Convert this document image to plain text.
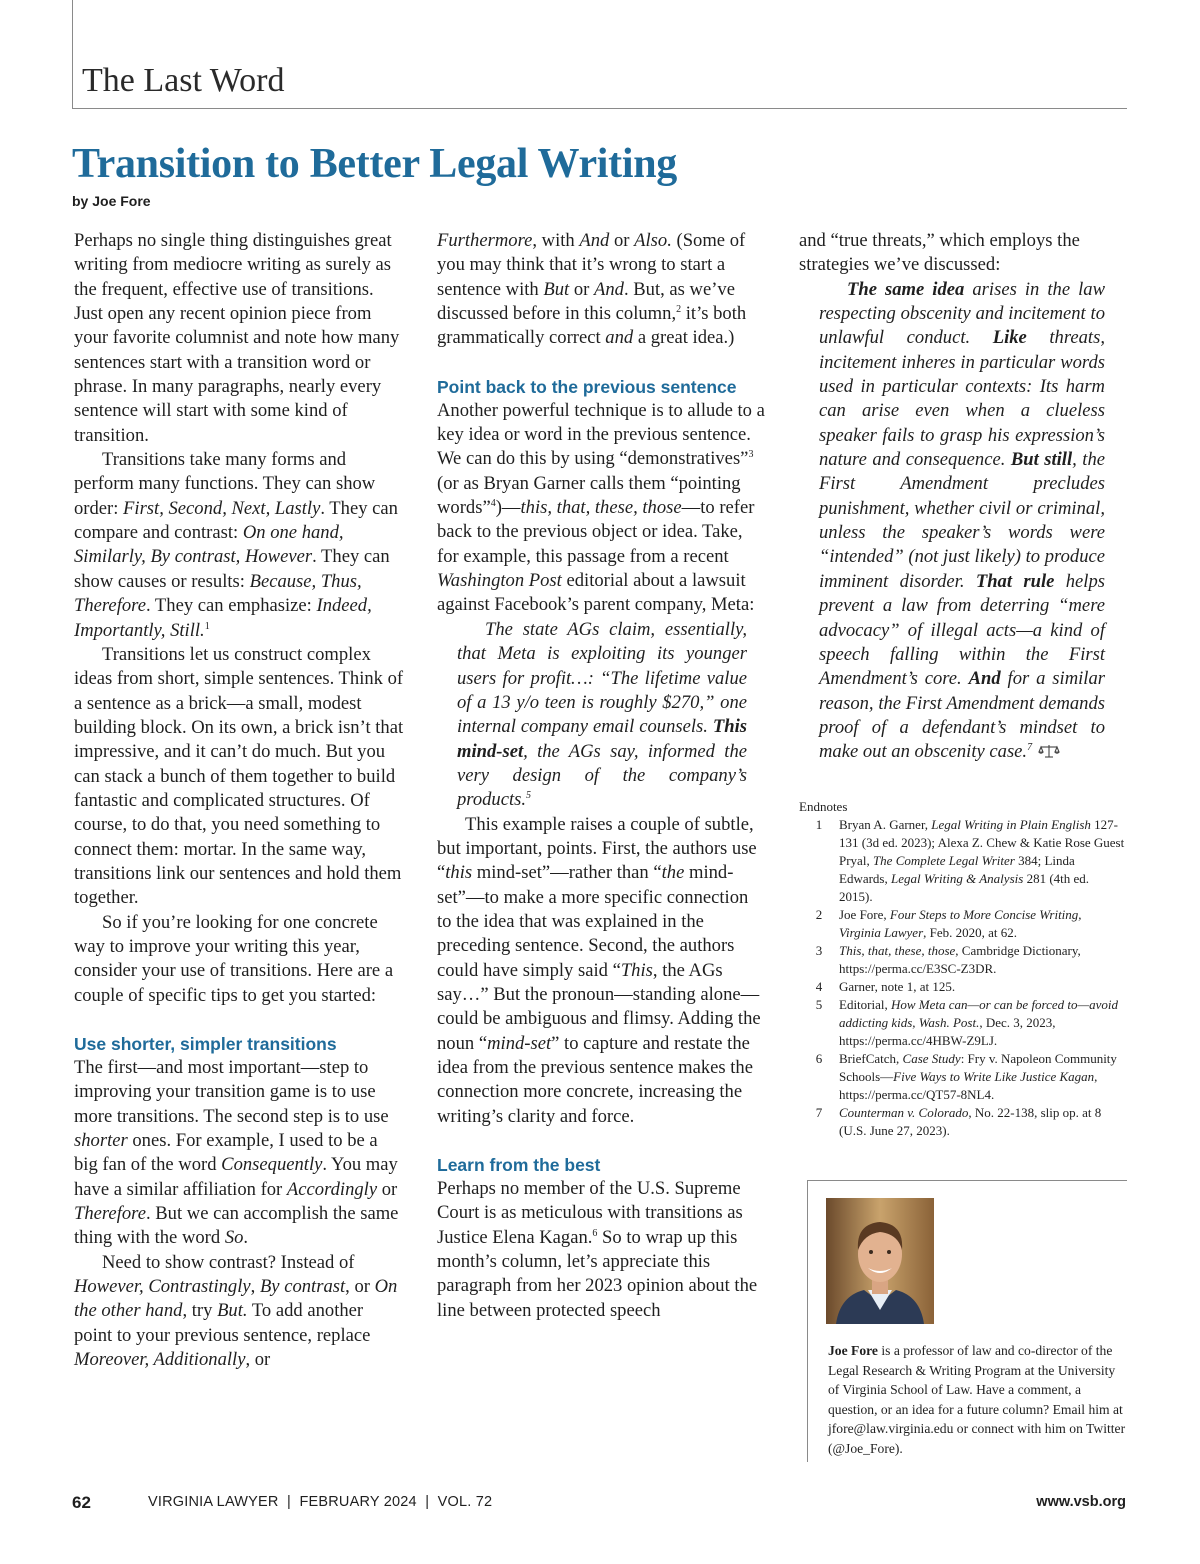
The Last Word
Transition to Better Legal Writing
by Joe Fore

Perhaps no single thing distinguishes great writing from mediocre writing as surely as the frequent, effective use of transitions. Just open any recent opinion piece from your favorite columnist and note how many sentences start with a transition word or phrase. In many paragraphs, nearly every sentence will start with some kind of transition.

Transitions take many forms and perform many functions. They can show order: First, Second, Next, Lastly. They can compare and contrast: On one hand, Similarly, By contrast, However. They can show causes or results: Because, Thus, Therefore. They can emphasize: Indeed, Importantly, Still.$^1$

Transitions let us construct complex ideas from short, simple sentences. Think of a sentence as a brick—a small, modest building block. On its own, a brick isn’t that impressive, and it can’t do much. But you can stack a bunch of them together to build fantastic and complicated structures. Of course, to do that, you need something to connect them: mortar. In the same way, transitions link our sentences and hold them together.

So if you’re looking for one concrete way to improve your writing this year, consider your use of transitions. Here are a couple of specific tips to get you started:

Use shorter, simpler transitions

The first—and most important—step to improving your transition game is to use more transitions. The second step is to use shorter ones. For example, I used to be a big fan of the word Consequently. You may have a similar affiliation for Accordingly or Therefore. But we can accomplish the same thing with the word So.

Need to show contrast? Instead of However, Contrastingly, By contrast, or On the other hand, try But. To add another point to your previous sentence, replace Moreover, Additionally, or

Furthermore, with And or Also. (Some of you may think that it’s wrong to start a sentence with But or And. But, as we’ve discussed before in this column,$^2$ it’s both grammatically correct and a great idea.)

Point back to the previous sentence

Another powerful technique is to allude to a key idea or word in the previous sentence. We can do this by using “demonstratives”$^3$ (or as Bryan Garner calls them “pointing words”$^4$)—this, that, these, those—to refer back to the previous object or idea. Take, for example, this passage from a recent Washington Post editorial about a lawsuit against Facebook’s parent company, Meta:

The state AGs claim, essentially, that Meta is exploiting its younger users for profit…: “The lifetime value of a 13 y/o teen is roughly $270,” one internal company email counsels. This mind-set, the AGs say, informed the very design of the company’s products.$^5$

This example raises a couple of subtle, but important, points. First, the authors use “this mind-set”—rather than “the mind-set”—to make a more specific connection to the idea that was explained in the preceding sentence. Second, the authors could have simply said “This, the AGs say…” But the pronoun—standing alone—could be ambiguous and flimsy. Adding the noun “mind-set” to capture and restate the idea from the previous sentence makes the connection more concrete, increasing the writing’s clarity and force.

Learn from the best

Perhaps no member of the U.S. Supreme Court is as meticulous with transitions as Justice Elena Kagan.$^6$ So to wrap up this month’s column, let’s appreciate this paragraph from her 2023 opinion about the line between protected speech

and “true threats,” which employs the strategies we’ve discussed:

The same idea arises in the law respecting obscenity and incitement to unlawful conduct. Like threats, incitement inheres in particular words used in particular contexts: Its harm can arise even when a clueless speaker fails to grasp his expression’s nature and consequence. But still, the First Amendment precludes punishment, whether civil or criminal, unless the speaker’s words were “intended” (not just likely) to produce imminent disorder. That rule helps prevent a law from deterring “mere advocacy” of illegal acts—a kind of speech falling within the First Amendment’s core. And for a similar reason, the First Amendment demands proof of a defendant’s mindset to make out an obscenity case.$^7$

Endnotes

1	Bryan A. Garner, Legal Writing in Plain English 127-131 (3d ed. 2023); Alexa Z. Chew & Katie Rose Guest Pryal, The Complete Legal Writer 384; Linda Edwards, Legal Writing & Analysis 281 (4th ed. 2015).
2	Joe Fore, Four Steps to More Concise Writing, Virginia Lawyer, Feb. 2020, at 62.
3	This, that, these, those, Cambridge Dictionary, https://perma.cc/E3SC-Z3DR.
4	Garner, note 1, at 125.
5	Editorial, How Meta can—or can be forced to—avoid addicting kids, Wash. Post., Dec. 3, 2023, https://perma.cc/4HBW-Z9LJ.
6	BriefCatch, Case Study: Fry v. Napoleon Community Schools—Five Ways to Write Like Justice Kagan, https://perma.cc/QT57-8NL4.
7	Counterman v. Colorado, No. 22-138, slip op. at 8 (U.S. June 27, 2023).
Joe Fore is a professor of law and co-director of the Legal Research & Writing Program at the University of Virginia School of Law. Have a comment, a question, or an idea for a future column? Email him at jfore@law.virginia.edu or connect with him on Twitter (@Joe_Fore).
62	VIRGINIA LAWYER  |  FEBRUARY 2024  |  VOL. 72	www.vsb.org
